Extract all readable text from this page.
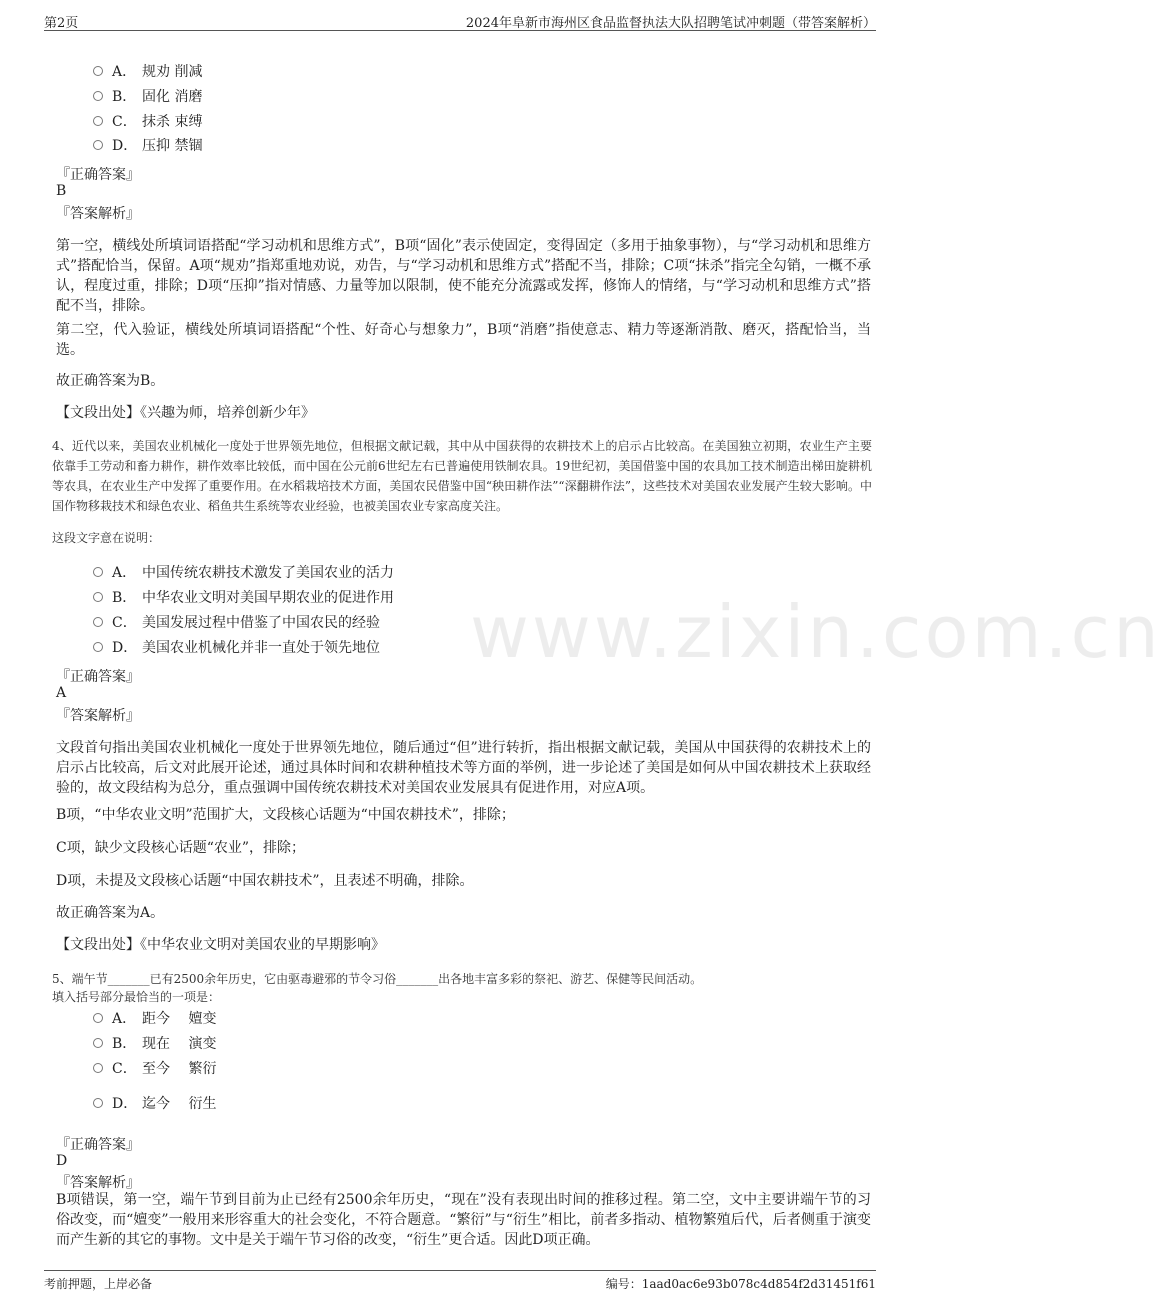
第2页	2024年阜新市海州区食品监督执法大队招聘笔试冲刺题（带答案解析）
www.zixin.com.cn
A． 规劝 削减
B． 固化 消磨
C． 抹杀 束缚
D． 压抑 禁锢
『正确答案』
B
『答案解析』
第一空，横线处所填词语搭配“学习动机和思维方式”，B项“固化”表示使固定，变得固定（多用于抽象事物），与“学习动机和思维方式”搭配恰当，保留。A项“规劝”指郑重地劝说，劝告，与“学习动机和思维方式”搭配不当，排除；C项“抹杀”指完全勾销，一概不承认，程度过重，排除；D项“压抑”指对情感、力量等加以限制，使不能充分流露或发挥，修饰人的情绪，与“学习动机和思维方式”搭配不当，排除。
第二空，代入验证，横线处所填词语搭配“个性、好奇心与想象力”，B项“消磨”指使意志、精力等逐渐消散、磨灭，搭配恰当，当选。
故正确答案为B。
【文段出处】《兴趣为师，培养创新少年》
4、近代以来，美国农业机械化一度处于世界领先地位，但根据文献记载，其中从中国获得的农耕技术上的启示占比较高。在美国独立初期，农业生产主要依靠手工劳动和畜力耕作，耕作效率比较低，而中国在公元前6世纪左右已普遍使用铁制农具。19世纪初，美国借鉴中国的农具加工技术制造出梯田旋耕机等农具，在农业生产中发挥了重要作用。在水稻栽培技术方面，美国农民借鉴中国“秧田耕作法”“深翻耕作法”，这些技术对美国农业发展产生较大影响。中国作物移栽技术和绿色农业、稻鱼共生系统等农业经验，也被美国农业专家高度关注。
这段文字意在说明：
A． 中国传统农耕技术激发了美国农业的活力
B． 中华农业文明对美国早期农业的促进作用
C． 美国发展过程中借鉴了中国农民的经验
D． 美国农业机械化并非一直处于领先地位
『正确答案』
A
『答案解析』
文段首句指出美国农业机械化一度处于世界领先地位，随后通过“但”进行转折，指出根据文献记载，美国从中国获得的农耕技术上的启示占比较高，后文对此展开论述，通过具体时间和农耕种植技术等方面的举例，进一步论述了美国是如何从中国农耕技术上获取经验的，故文段结构为总分，重点强调中国传统农耕技术对美国农业发展具有促进作用，对应A项。
B项，“中华农业文明”范围扩大，文段核心话题为“中国农耕技术”，排除；
C项，缺少文段核心话题“农业”，排除；
D项，未提及文段核心话题“中国农耕技术”，且表述不明确，排除。
故正确答案为A。
【文段出处】《中华农业文明对美国农业的早期影响》
5、端午节_______已有2500余年历史，它由驱毒避邪的节令习俗_______出各地丰富多彩的祭祀、游艺、保健等民间活动。
填入括号部分最恰当的一项是：
A． 距今　 嬗变
B． 现在　 演变
C． 至今　 繁衍
D． 迄今　 衍生
『正确答案』
D
『答案解析』
B项错误，第一空，端午节到目前为止已经有2500余年历史，“现在”没有表现出时间的推移过程。第二空，文中主要讲端午节的习俗改变，而“嬗变”一般用来形容重大的社会变化，不符合题意。“繁衍”与“衍生”相比，前者多指动、植物繁殖后代，后者侧重于演变而产生新的其它的事物。文中是关于端午节习俗的改变，“衍生”更合适。因此D项正确。
考前押题，上岸必备	编号：1aad0ac6e93b078c4d854f2d31451f61
